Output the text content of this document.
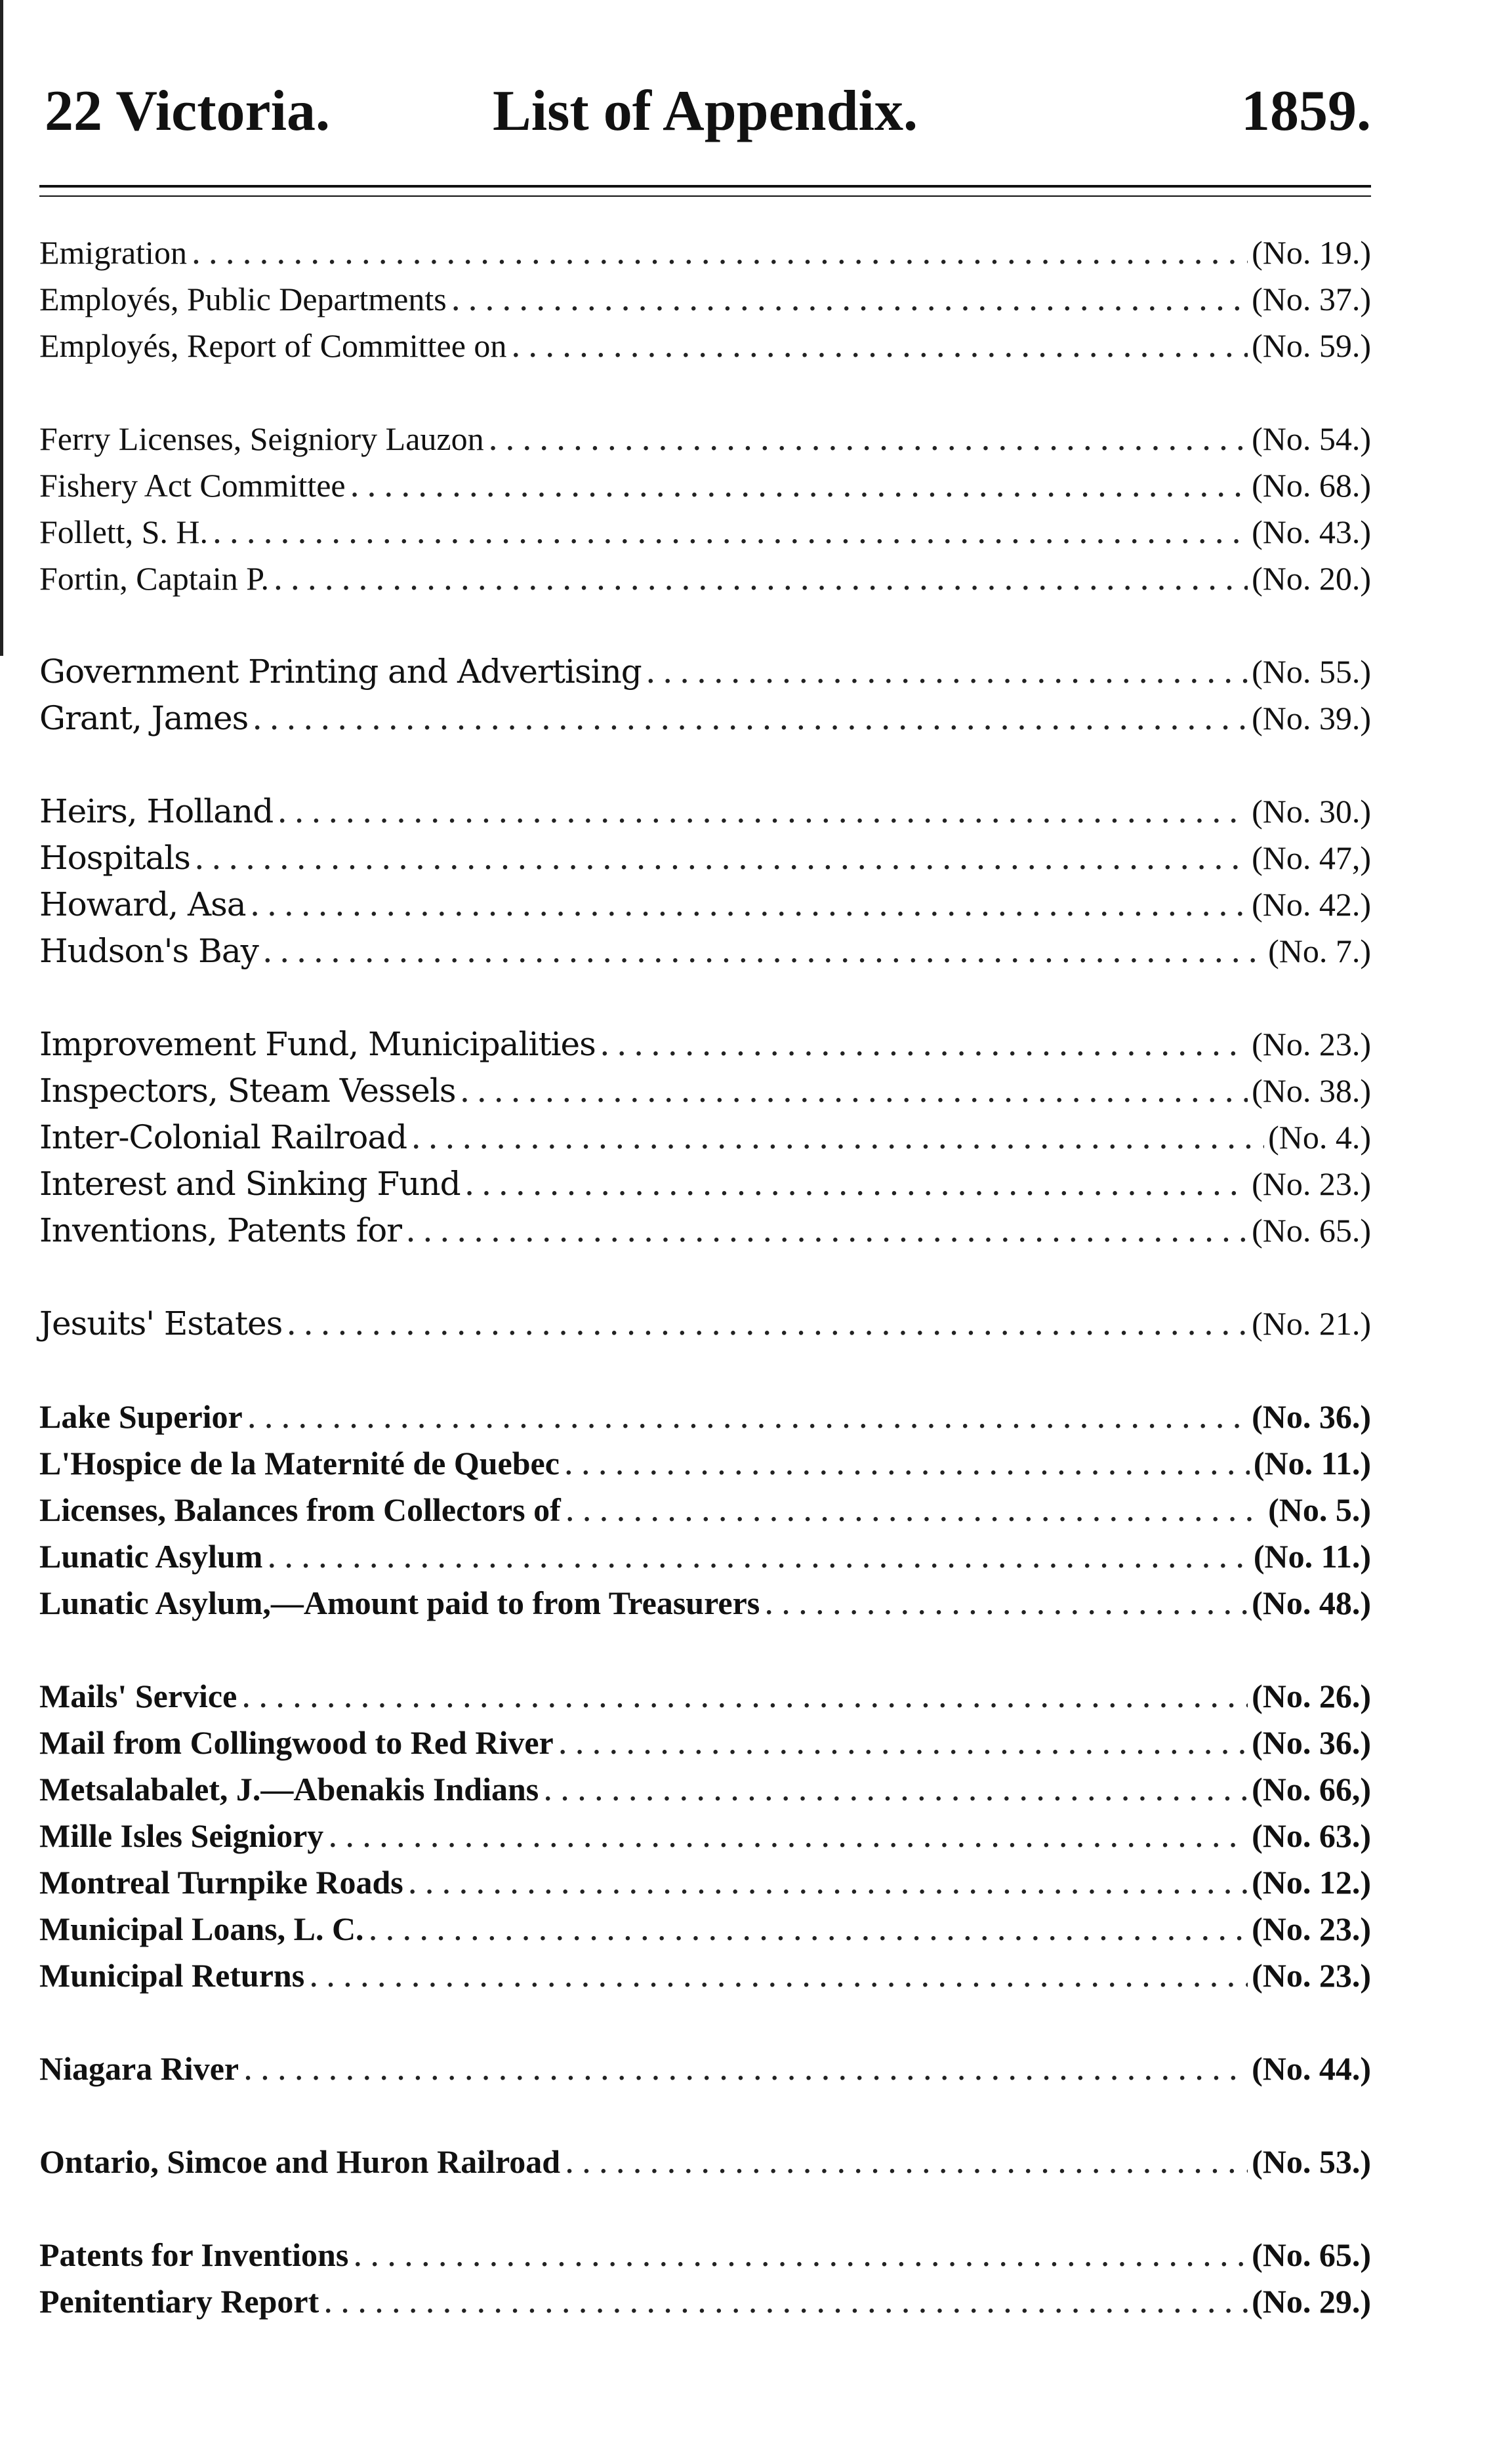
22 Victoria.	List of Appendix.	1859.
Emigration .....	(No. 19.)
Employés, Public Departments .....	(No. 37.)
Employés, Report of Committee on .....	(No. 59.)
Ferry Licenses, Seigniory Lauzon .....	(No. 54.)
Fishery Act Committee .....	(No. 68.)
Follett, S. H. .....	(No. 43.)
Fortin, Captain P. .....	(No. 20.)
Government Printing and Advertising .....	(No. 55.)
Grant, James .....	(No. 39.)
Heirs, Holland .....	(No. 30.)
Hospitals .....	(No. 47,)
Howard, Asa .....	(No. 42.)
Hudson's Bay .....	(No. 7.)
Improvement Fund, Municipalities .....	(No. 23.)
Inspectors, Steam Vessels .....	(No. 38.)
Inter-Colonial Railroad .....	(No. 4.)
Interest and Sinking Fund .....	(No. 23.)
Inventions, Patents for .....	(No. 65.)
Jesuits' Estates .....	(No. 21.)
Lake Superior .....	(No. 36.)
L'Hospice de la Maternité de Quebec .....	(No. 11.)
Licenses, Balances from Collectors of .....	(No. 5.)
Lunatic Asylum .....	(No. 11.)
Lunatic Asylum,—Amount paid to from Treasurers .....	(No. 48.)
Mails' Service .....	(No. 26.)
Mail from Collingwood to Red River .....	(No. 36.)
Metsalabalet, J.—Abenakis Indians .....	(No. 66,)
Mille Isles Seigniory .....	(No. 63.)
Montreal Turnpike Roads .....	(No. 12.)
Municipal Loans, L. C. .....	(No. 23.)
Municipal Returns .....	(No. 23.)
Niagara River .....	(No. 44.)
Ontario, Simcoe and Huron Railroad .....	(No. 53.)
Patents for Inventions .....	(No. 65.)
Penitentiary Report .....	(No. 29.)
